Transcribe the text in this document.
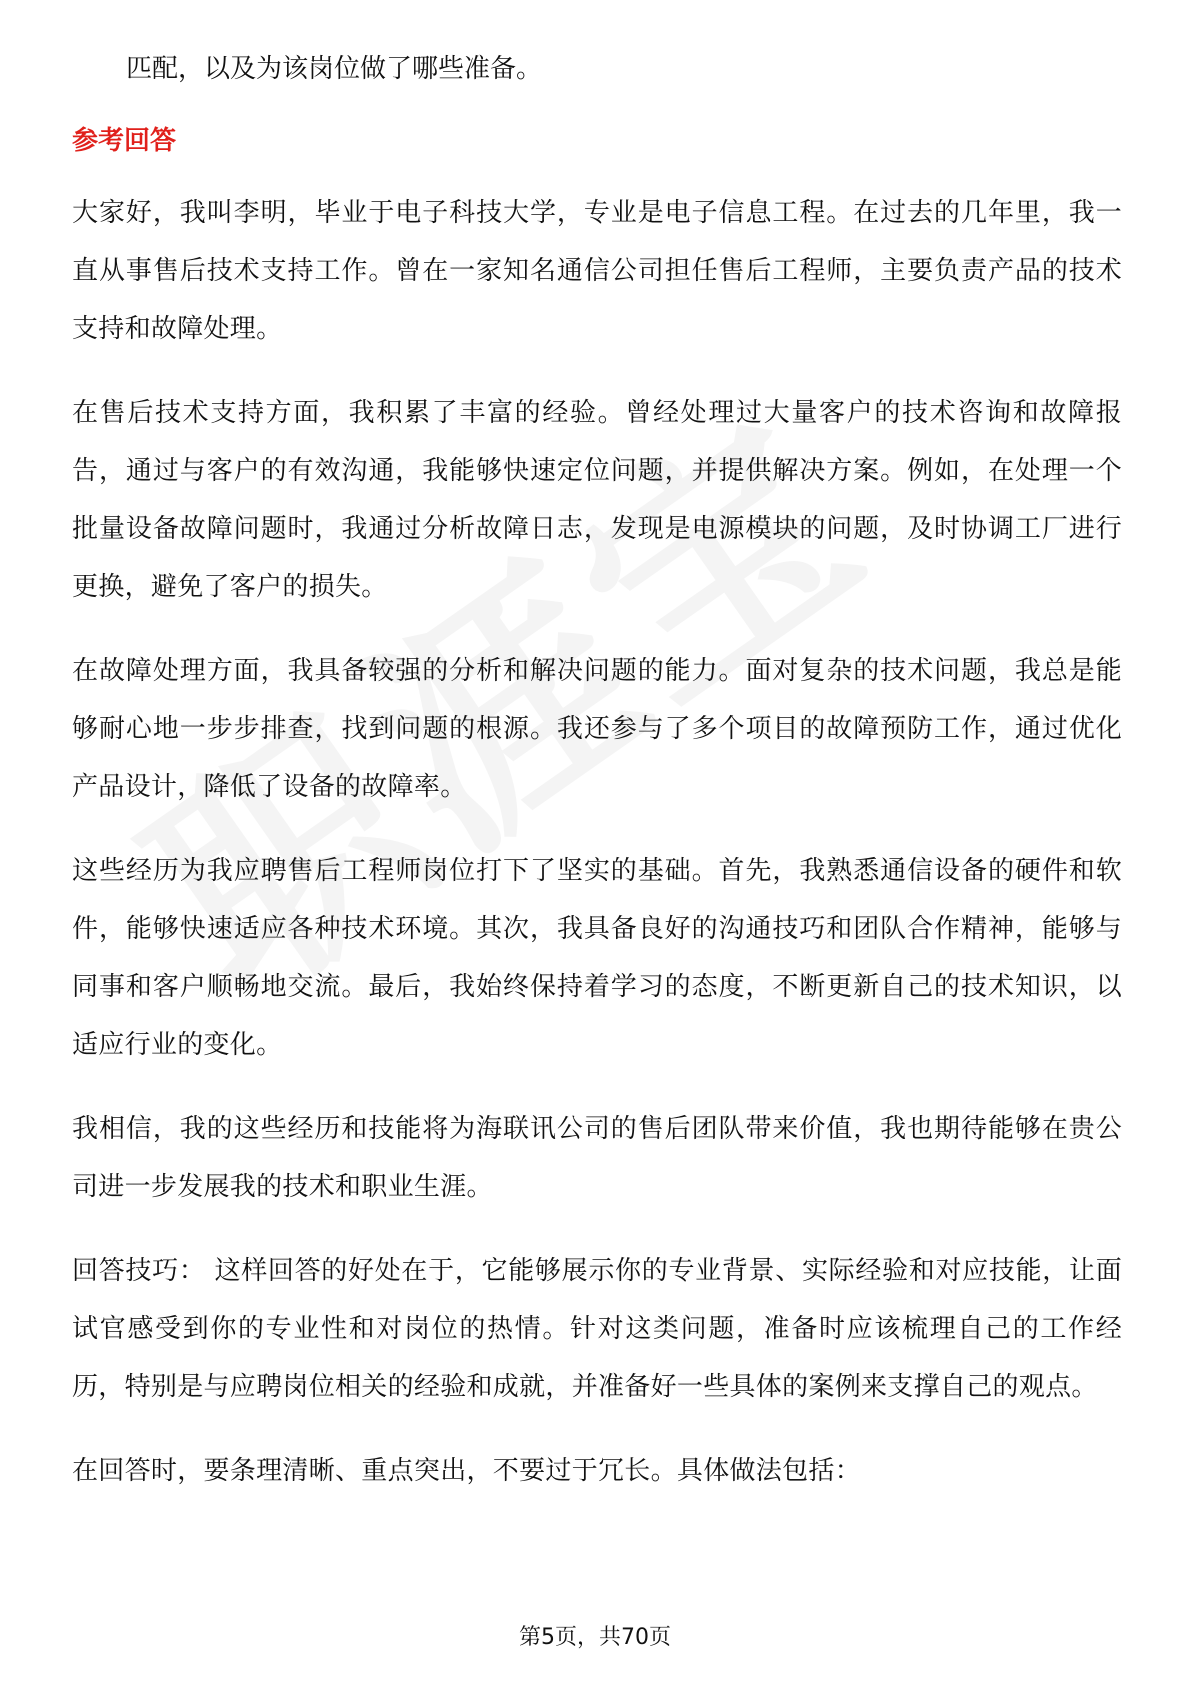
匹配，以及为该岗位做了哪些准备。

参考回答

大家好，我叫李明，毕业于电子科技大学，专业是电子信息工程。在过去的几年里，我一直从事售后技术支持工作。曾在一家知名通信公司担任售后工程师，主要负责产品的技术支持和故障处理。

在售后技术支持方面，我积累了丰富的经验。曾经处理过大量客户的技术咨询和故障报告，通过与客户的有效沟通，我能够快速定位问题，并提供解决方案。例如，在处理一个批量设备故障问题时，我通过分析故障日志，发现是电源模块的问题，及时协调工厂进行更换，避免了客户的损失。

在故障处理方面，我具备较强的分析和解决问题的能力。面对复杂的技术问题，我总是能够耐心地一步步排查，找到问题的根源。我还参与了多个项目的故障预防工作，通过优化产品设计，降低了设备的故障率。

这些经历为我应聘售后工程师岗位打下了坚实的基础。首先，我熟悉通信设备的硬件和软件，能够快速适应各种技术环境。其次，我具备良好的沟通技巧和团队合作精神，能够与同事和客户顺畅地交流。最后，我始终保持着学习的态度，不断更新自己的技术知识，以适应行业的变化。

我相信，我的这些经历和技能将为海联讯公司的售后团队带来价值，我也期待能够在贵公司进一步发展我的技术和职业生涯。

回答技巧： 这样回答的好处在于，它能够展示你的专业背景、实际经验和对应技能，让面试官感受到你的专业性和对岗位的热情。针对这类问题，准备时应该梳理自己的工作经历，特别是与应聘岗位相关的经验和成就，并准备好一些具体的案例来支撑自己的观点。

在回答时，要条理清晰、重点突出，不要过于冗长。具体做法包括：

第5页，共70页
